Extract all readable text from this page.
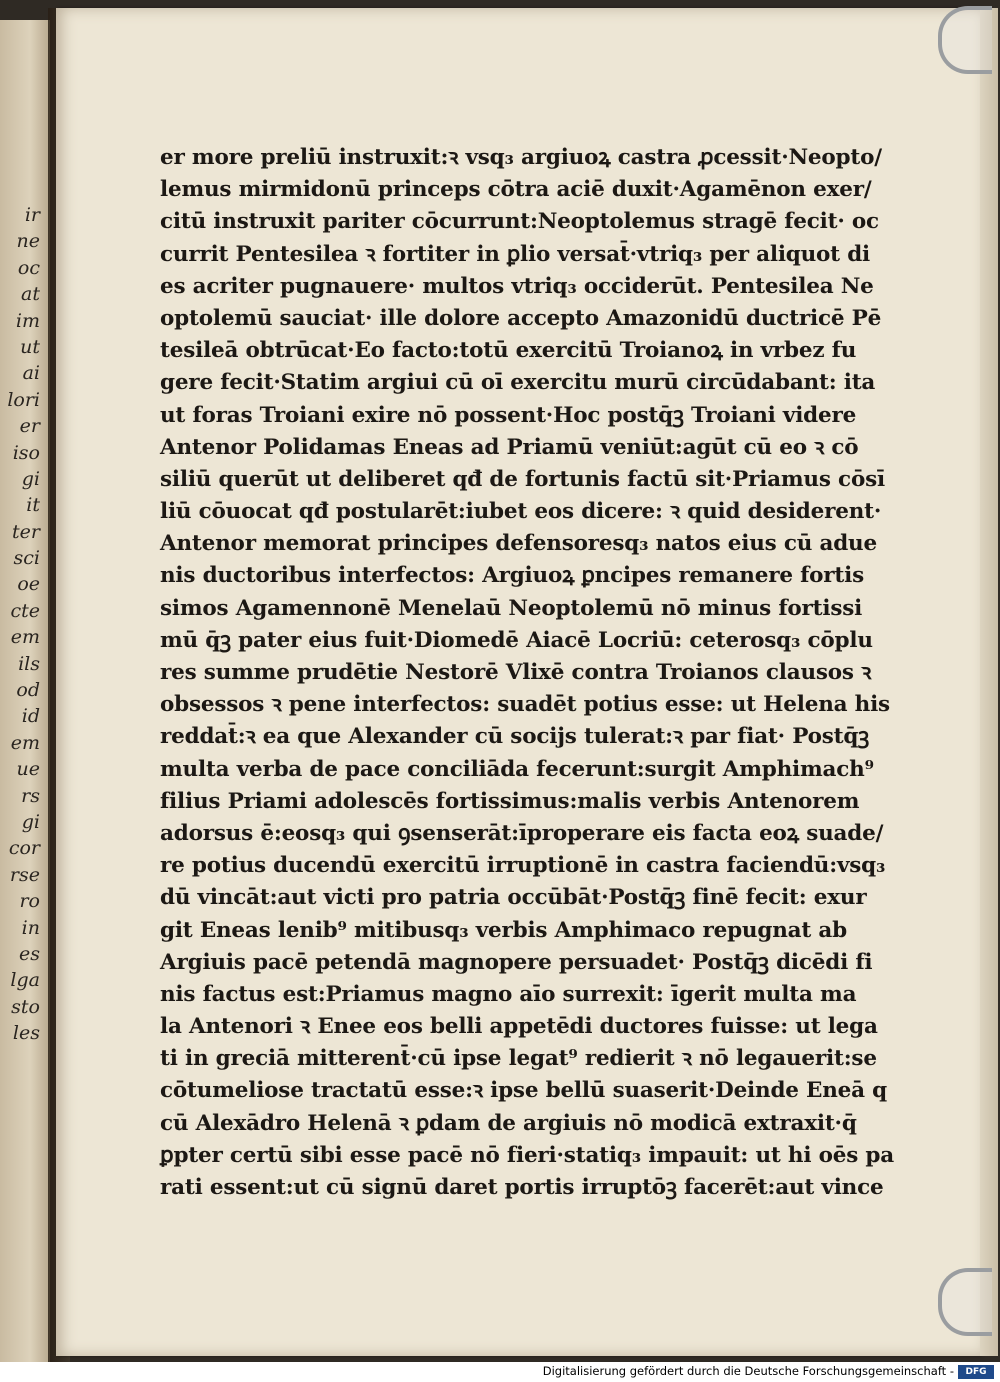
ir
ne
oc
at
im
ut
ai
lori
er
iso
gi
it
ter
sci
oe
cte
em
ils
od
id
em
ue
rs
gi
cor
rse
ro
in
es
lga
sto
les
er more preliū instruxit:ꝛ vsq₃ argiuoꝝ castra ꝓcessit·Neopto/
lemus mirmidonū princeps cōtra aciē duxit·Agamēnon exer/
citū instruxit pariter cōcurrunt:Neoptolemus stragē fecit· oc
currit Pentesilea ꝛ fortiter in ꝑlio versat̄·vtriq₃ per aliquot di
es acriter pugnauere· multos vtriq₃ occiderūt. Pentesilea Ne
optolemū sauciat· ille dolore accepto Amazonidū ductricē Pē
tesileā obtrūcat·Eo facto:totū exercitū Troianoꝝ in vrbez fu
gere fecit·Statim argiui cū oī exercitu murū circūdabant: ita
ut foras Troiani exire nō possent·Hoc postq̄ꝫ Troiani videre
Antenor Polidamas Eneas ad Priamū veniūt:agūt cū eo ꝛ cō
siliū querūt ut deliberet qđ de fortunis factū sit·Priamus cōsī
liū cōuocat qđ postularēt:iubet eos dicere: ꝛ quid desiderent·
Antenor memorat principes defensoresq₃ natos eius cū adue
nis ductoribus interfectos: Argiuoꝝ ꝑncipes remanere fortis
simos Agamennonē Menelaū Neoptolemū nō minus fortissi
mū q̄ꝫ pater eius fuit·Diomedē Aiacē Locriū: ceterosq₃ cōplu
res summe prudētie Nestorē Vlixē contra Troianos clausos ꝛ
obsessos ꝛ pene interfectos: suadēt potius esse: ut Helena his
reddat̄:ꝛ ea que Alexander cū socijs tulerat:ꝛ par fiat· Postq̄ꝫ
multa verba de pace conciliāda fecerunt:surgit Amphimach⁹
filius Priami adolescēs fortissimus:malis verbis Antenorem
adorsus ē:eosq₃ qui ꝯsenserāt:īproperare eis facta eoꝝ suade/
re potius ducendū exercitū irruptionē in castra faciendū:vsq₃
dū vincāt:aut victi pro patria occūbāt·Postq̄ꝫ finē fecit: exur
git Eneas lenib⁹ mitibusq₃ verbis Amphimaco repugnat ab
Argiuis pacē petendā magnopere persuadet· Postq̄ꝫ dicēdi fi
nis factus est:Priamus magno aīo surrexit: īgerit multa ma
la Antenori ꝛ Enee eos belli appetēdi ductores fuisse: ut lega
ti in greciā mitterent̄·cū ipse legat⁹ redierit ꝛ nō legauerit:se
cōtumeliose tractatū esse:ꝛ ipse bellū suaserit·Deinde Eneā q
cū Alexādro Helenā ꝛ ꝑdam de argiuis nō modicā extraxit·q̄
ꝑpter certū sibi esse pacē nō fieri·statiq₃ impauit: ut hi oēs pa
rati essent:ut cū signū daret portis irruptōꝫ facerēt:aut vince
Digitalisierung gefördert durch die Deutsche Forschungsgemeinschaft -	DFG
